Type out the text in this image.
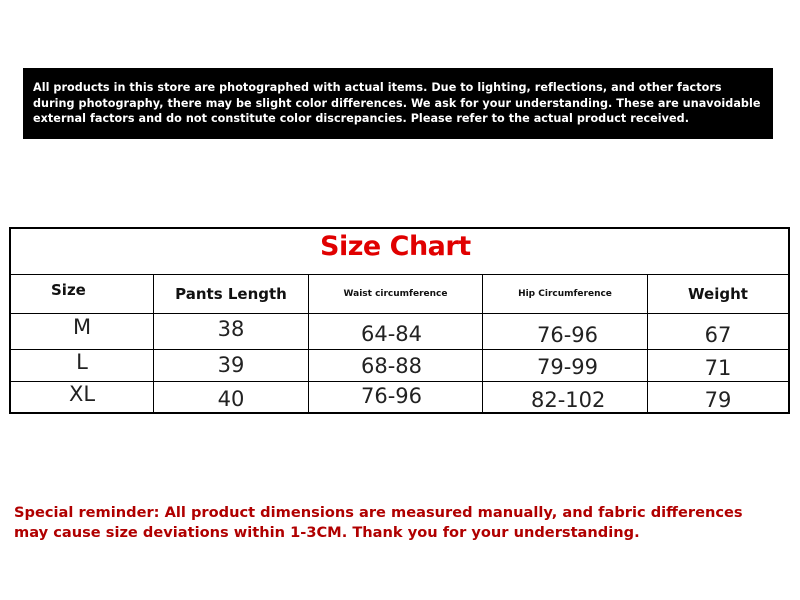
All products in this store are photographed with actual items. Due to lighting, reflections, and other factors
during photography, there may be slight color differences. We ask for your understanding. These are unavoidable
external factors and do not constitute color discrepancies. Please refer to the actual product received.
Size Chart
Size	Pants Length	Waist circumference	Hip Circumference	Weight
M	38	64-84	76-96	67
L	39	68-88	79-99	71
XL	40	76-96	82-102	79
Special reminder: All product dimensions are measured manually, and fabric differences
may cause size deviations within 1-3CM. Thank you for your understanding.
